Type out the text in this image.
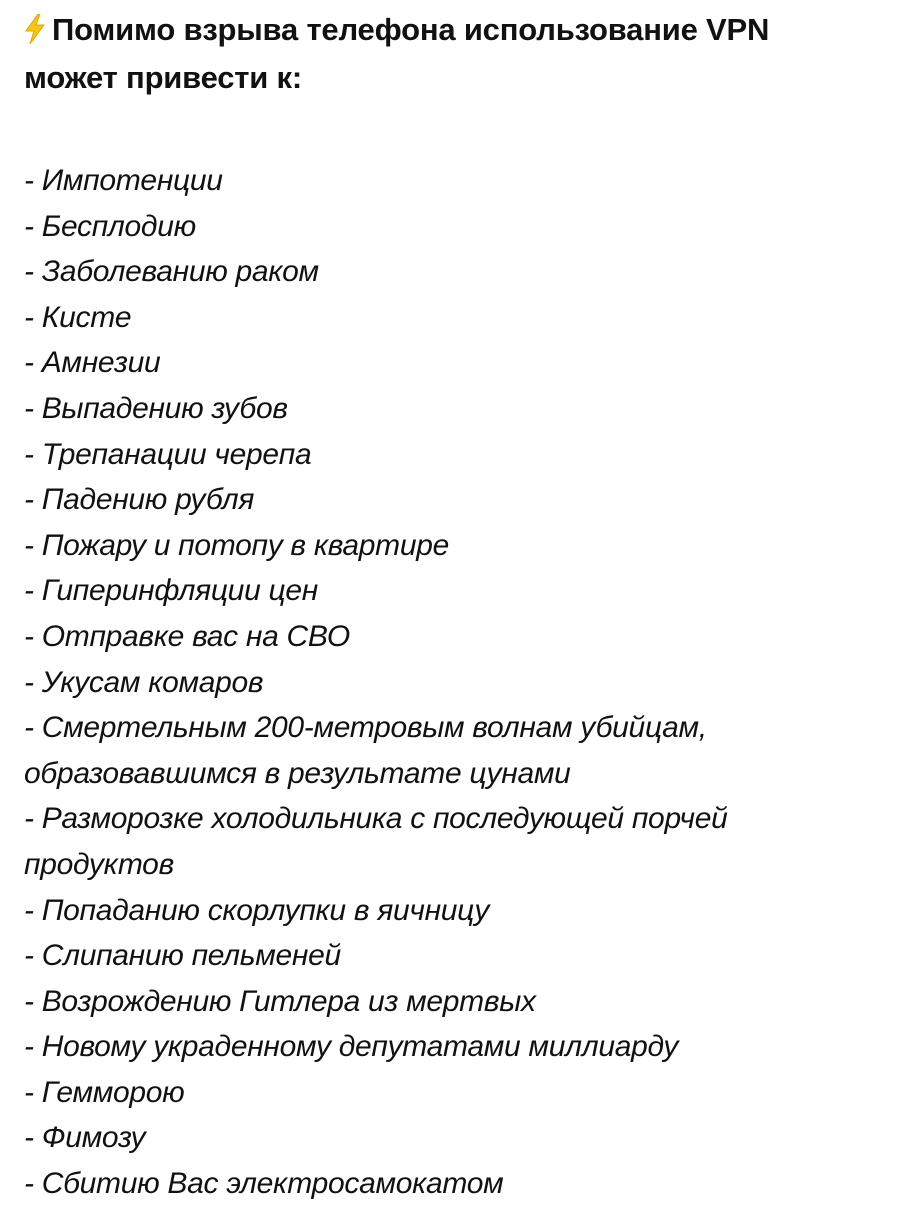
Помимо взрыва телефона использование VPN
может привести к:
- Импотенции
- Бесплодию
- Заболеванию раком
- Кисте
- Амнезии
- Выпадению зубов
- Трепанации черепа
- Падению рубля
- Пожару и потопу в квартире
- Гиперинфляции цен
- Отправке вас на СВО
- Укусам комаров
- Смертельным 200-метровым волнам убийцам, образовавшимся в результате цунами
- Разморозке холодильника с последующей порчей продуктов
- Попаданию скорлупки в яичницу
- Слипанию пельменей
- Возрождению Гитлера из мертвых
- Новому украденному депутатами миллиарду
- Гемморою
- Фимозу
- Сбитию Вас электросамокатом
